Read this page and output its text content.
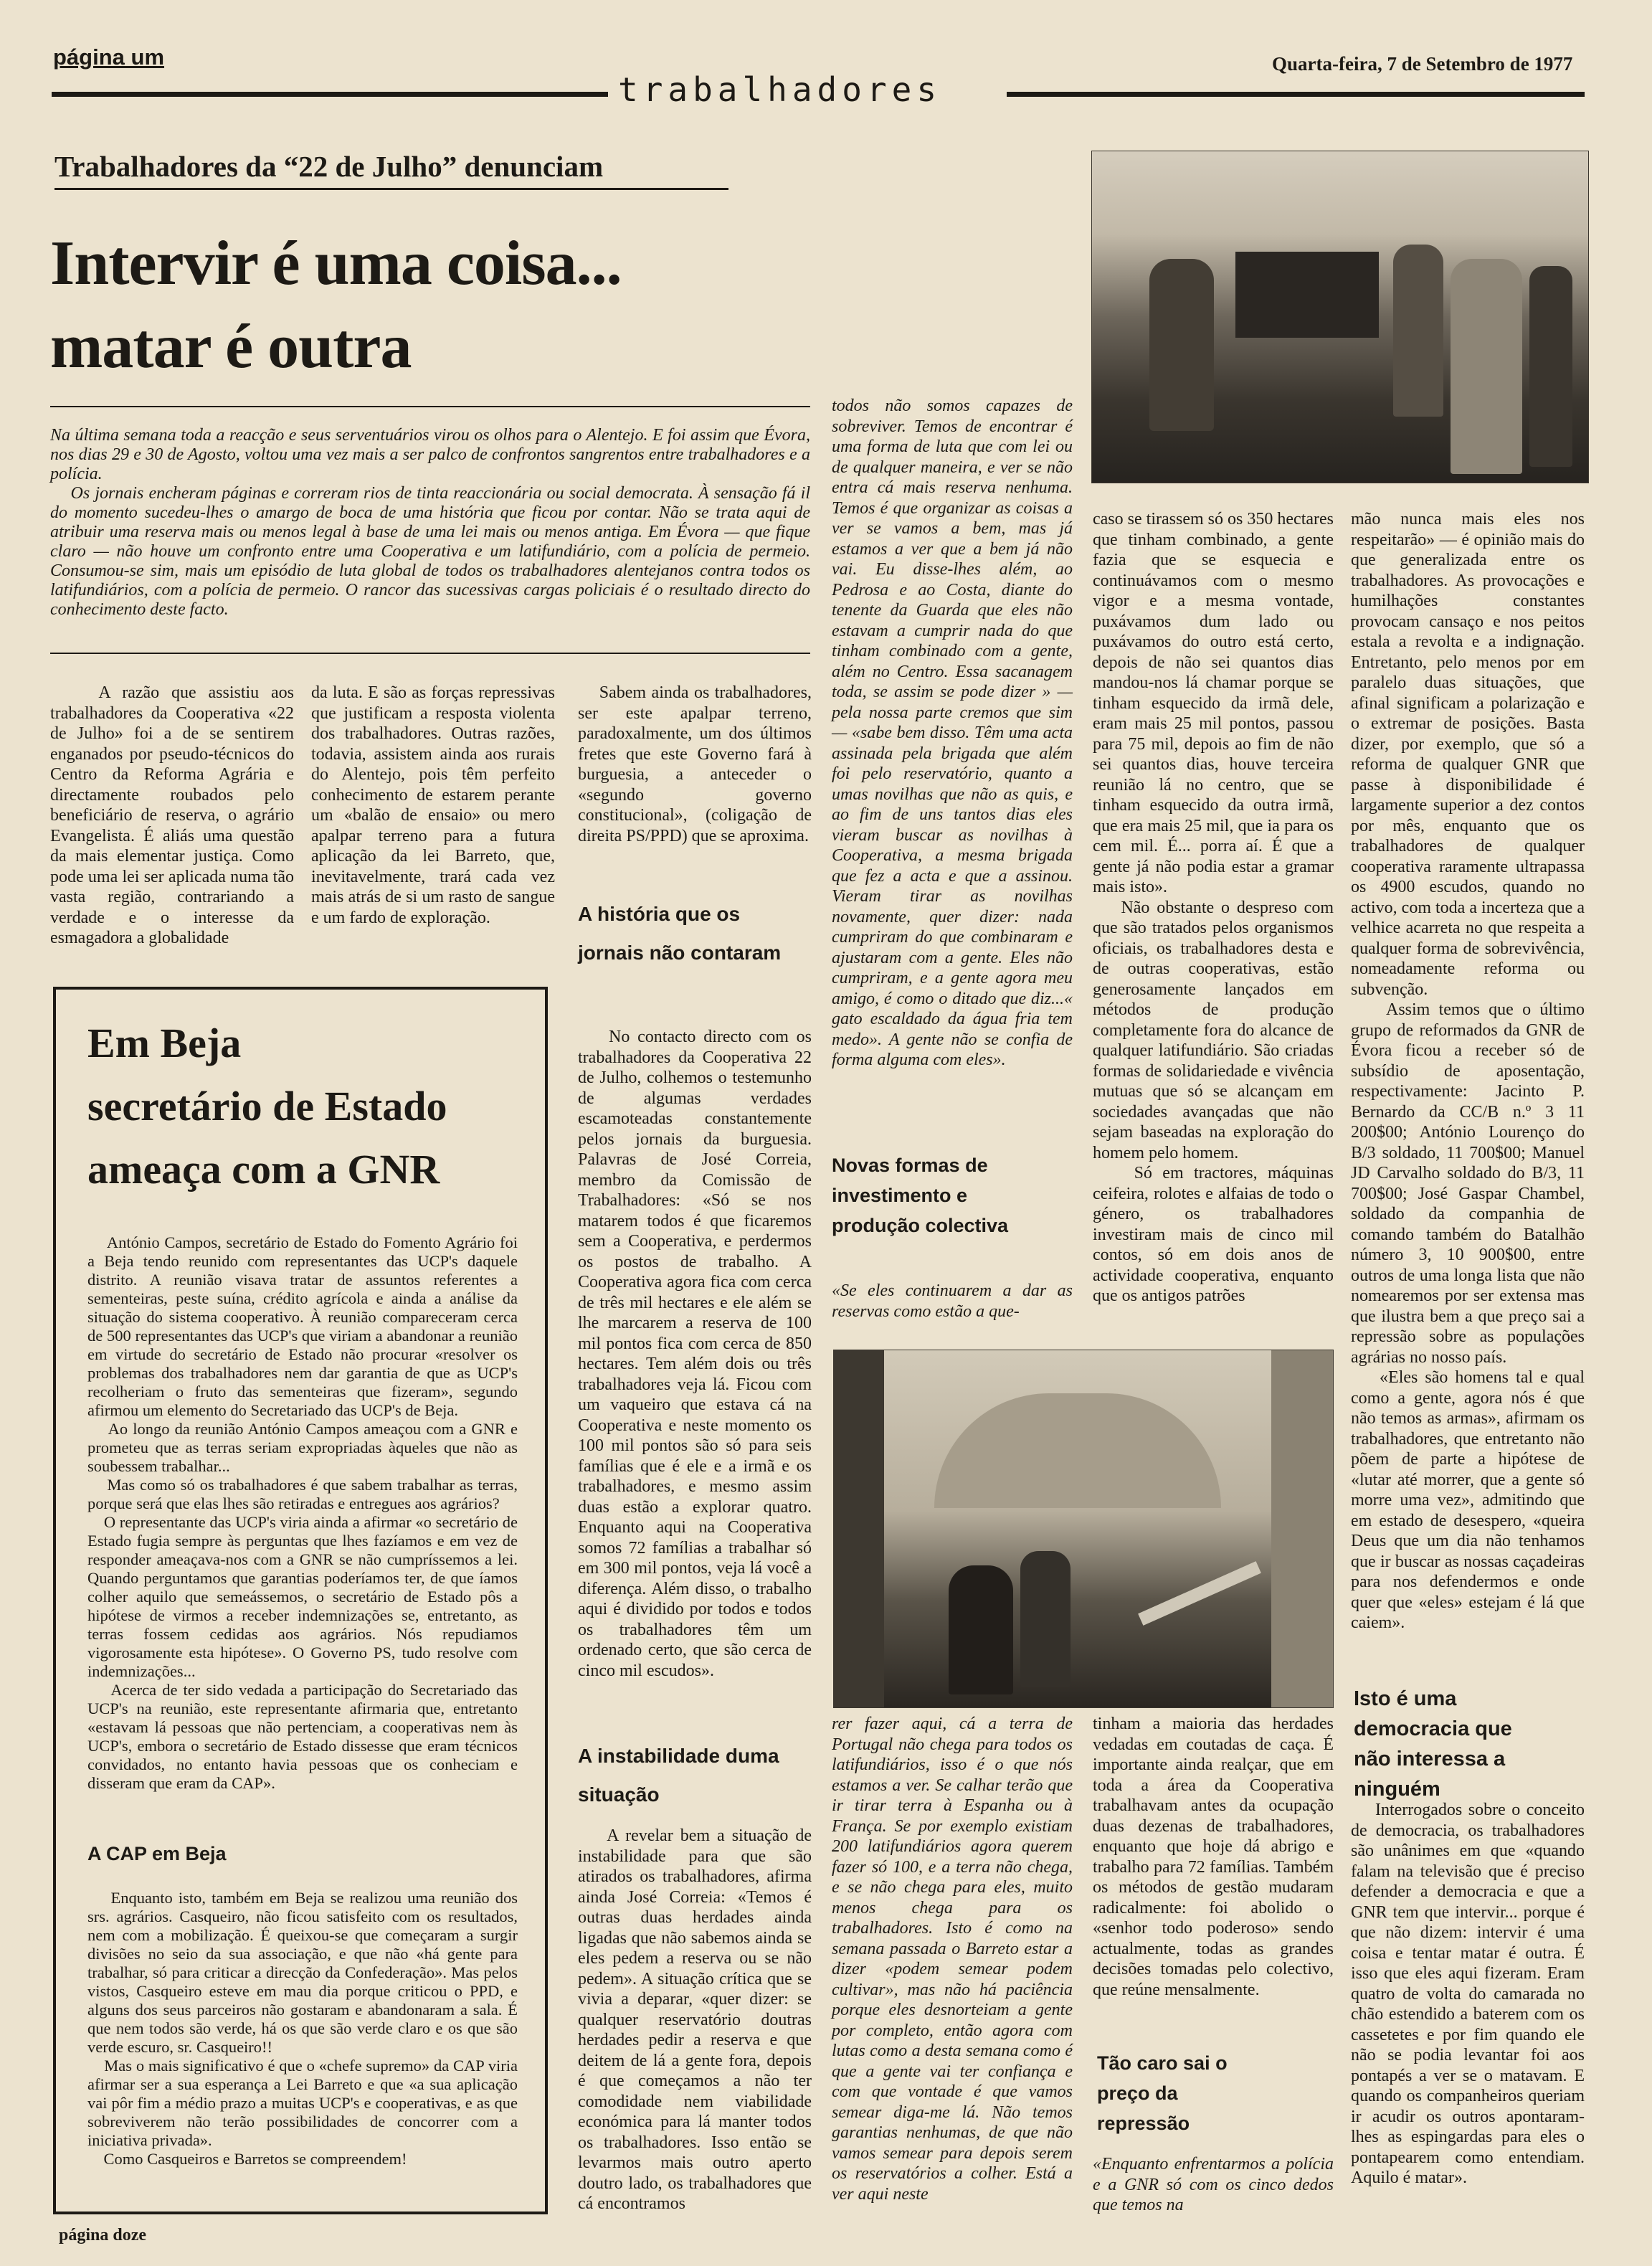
página um	Quarta-feira, 7 de Setembro de 1977
trabalhadores
Trabalhadores da “22 de Julho” denunciam
Intervir é uma coisa...
matar é outra
Na última semana toda a reacção e seus serventuários virou os olhos para o Alentejo. E foi assim que Évora, nos dias 29 e 30 de Agosto, voltou uma vez mais a ser palco de confrontos sangrentos entre trabalhadores e a polícia.
Os jornais encheram páginas e correram rios de tinta reaccionária ou social democrata. À sensação fá il do momento sucedeu-lhes o amargo de boca de uma história que ficou por contar. Não se trata aqui de atribuir uma reserva mais ou menos legal à base de uma lei mais ou menos antiga. Em Évora — que fique claro — não houve um confronto entre uma Cooperativa e um latifundiário, com a polícia de permeio. Consumou-se sim, mais um episódio de luta global de todos os trabalhadores alentejanos contra todos os latifundiários, com a polícia de permeio. O rancor das sucessivas cargas policiais é o resultado directo do conhecimento deste facto.
A razão que assistiu aos trabalhadores da Cooperativa «22 de Julho» foi a de se sentirem enganados por pseudo-técnicos do Centro da Reforma Agrária e directamente roubados pelo beneficiário de reserva, o agrário Evangelista. É aliás uma questão da mais elementar justiça. Como pode uma lei ser aplicada numa tão vasta região, contrariando a verdade e o interesse da esmagadora a globalidade
da luta. E são as forças repressivas que justificam a resposta violenta dos trabalhadores. Outras razões, todavia, assistem ainda aos rurais do Alentejo, pois têm perfeito conhecimento de estarem perante um «balão de ensaio» ou mero apalpar terreno para a futura aplicação da lei Barreto, que, inevitavelmente, trará cada vez mais atrás de si um rasto de sangue e um fardo de exploração.
Sabem ainda os trabalhadores, ser este apalpar terreno, paradoxalmente, um dos últimos fretes que este Governo fará à burguesia, a anteceder o «segundo governo constitucional», (coligação de direita PS/PPD) que se aproxima.
A história que os jornais não contaram
No contacto directo com os trabalhadores da Cooperativa 22 de Julho, colhemos o testemunho de algumas verdades escamoteadas constantemente pelos jornais da burguesia. Palavras de José Correia, membro da Comissão de Trabalhadores: «Só se nos matarem todos é que ficaremos sem a Cooperativa, e perdermos os postos de trabalho. A Cooperativa agora fica com cerca de três mil hectares e ele além se lhe marcarem a reserva de 100 mil pontos fica com cerca de 850 hectares. Tem além dois ou três trabalhadores veja lá. Ficou com um vaqueiro que estava cá na Cooperativa e neste momento os 100 mil pontos são só para seis famílias que é ele e a irmã e os trabalhadores, e mesmo assim duas estão a explorar quatro. Enquanto aqui na Cooperativa somos 72 famílias a trabalhar só em 300 mil pontos, veja lá você a diferença. Além disso, o trabalho aqui é dividido por todos e todos os trabalhadores têm um ordenado certo, que são cerca de cinco mil escudos».
A instabilidade duma situação
A revelar bem a situação de instabilidade para que são atirados os trabalhadores, afirma ainda José Correia: «Temos é outras duas herdades ainda ligadas que não sabemos ainda se eles pedem a reserva ou se não pedem». A situação crítica que se vivia a deparar, «quer dizer: se qualquer reservatório doutras herdades pedir a reserva e que deitem de lá a gente fora, depois é que começamos a não ter comodidade nem viabilidade económica para lá manter todos os trabalhadores. Isso então se levarmos mais outro aperto doutro lado, os trabalhadores que cá encontramos
todos não somos capazes de sobreviver. Temos de encontrar é uma forma de luta que com lei ou de qualquer maneira, e ver se não entra cá mais reserva nenhuma. Temos é que organizar as coisas a ver se vamos a bem, mas já estamos a ver que a bem já não vai. Eu disse-lhes além, ao Pedrosa e ao Costa, diante do tenente da Guarda que eles não estavam a cumprir nada do que tinham combinado com a gente, além no Centro. Essa sacanagem toda, se assim se pode dizer » — pela nossa parte cremos que sim — «sabe bem disso. Têm uma acta assinada pela brigada que além foi pelo reservatório, quanto a umas novilhas que não as quis, e ao fim de uns tantos dias eles vieram buscar as novilhas à Cooperativa, a mesma brigada que fez a acta e que a assinou. Vieram tirar as novilhas novamente, quer dizer: nada cumpriram do que combinaram e ajustaram com a gente. Eles não cumpriram, e a gente agora meu amigo, é como o ditado que diz...« gato escaldado da água fria tem medo». A gente não se confia de forma alguma com eles».
Novas formas de investimento e produção colectiva
«Se eles continuarem a dar as reservas como estão a que-
rer fazer aqui, cá a terra de Portugal não chega para todos os latifundiários, isso é o que nós estamos a ver. Se calhar terão que ir tirar terra à Espanha ou à França. Se por exemplo existiam 200 latifundiários agora querem fazer só 100, e a terra não chega, e se não chega para eles, muito menos chega para os trabalhadores. Isto é como na semana passada o Barreto estar a dizer «podem semear podem cultivar», mas não há paciência porque eles desnorteiam a gente por completo, então agora com lutas como a desta semana como é que a gente vai ter confiança e com que vontade é que vamos semear diga-me lá. Não temos garantias nenhumas, de que não vamos semear para depois serem os reservatórios a colher. Está a ver aqui neste
caso se tirassem só os 350 hectares que tinham combinado, a gente fazia que se esquecia e continuávamos com o mesmo vigor e a mesma vontade, puxávamos dum lado ou puxávamos do outro está certo, depois de não sei quantos dias mandou-nos lá chamar porque se tinham esquecido da irmã dele, eram mais 25 mil pontos, passou para 75 mil, depois ao fim de não sei quantos dias, houve terceira reunião lá no centro, que se tinham esquecido da outra irmã, que era mais 25 mil, que ia para os cem mil. É... porra aí. É que a gente já não podia estar a gramar mais isto».
Não obstante o despreso com que são tratados pelos organismos oficiais, os trabalhadores desta e de outras cooperativas, estão generosamente lançados em métodos de produção completamente fora do alcance de qualquer latifundiário. São criadas formas de solidariedade e vivência mutuas que só se alcançam em sociedades avançadas que não sejam baseadas na exploração do homem pelo homem.
Só em tractores, máquinas ceifeira, rolotes e alfaias de todo o género, os trabalhadores investiram mais de cinco mil contos, só em dois anos de actividade cooperativa, enquanto que os antigos patrões
tinham a maioria das herdades vedadas em coutadas de caça. É importante ainda realçar, que em toda a área da Cooperativa trabalhavam antes da ocupação duas dezenas de trabalhadores, enquanto que hoje dá abrigo e trabalho para 72 famílias. Também os métodos de gestão mudaram radicalmente: foi abolido o «senhor todo poderoso» sendo actualmente, todas as grandes decisões tomadas pelo colectivo, que reúne mensalmente.
Tão caro sai o preço da repressão
«Enquanto enfrentarmos a polícia e a GNR só com os cinco dedos que temos na
mão nunca mais eles nos respeitarão» — é opinião mais do que generalizada entre os trabalhadores. As provocações e humilhações constantes provocam cansaço e nos peitos estala a revolta e a indignação. Entretanto, pelo menos por em paralelo duas situações, que afinal significam a polarização e o extremar de posições. Basta dizer, por exemplo, que só a reforma de qualquer GNR que passe à disponibilidade é largamente superior a dez contos por mês, enquanto que os trabalhadores de qualquer cooperativa raramente ultrapassa os 4900 escudos, quando no activo, com toda a incerteza que a velhice acarreta no que respeita a qualquer forma de sobrevivência, nomeadamente reforma ou subvenção.
Assim temos que o último grupo de reformados da GNR de Évora ficou a receber só de subsídio de aposentação, respectivamente: Jacinto P. Bernardo da CC/B n.º 3 11 200$00; António Lourenço do B/3 soldado, 11 700$00; Manuel JD Carvalho soldado do B/3, 11 700$00; José Gaspar Chambel, soldado da companhia de comando também do Batalhão número 3, 10 900$00, entre outros de uma longa lista que não nomearemos por ser extensa mas que ilustra bem a que preço sai a repressão sobre as populações agrárias no nosso país.
«Eles são homens tal e qual como a gente, agora nós é que não temos as armas», afirmam os trabalhadores, que entretanto não põem de parte a hipótese de «lutar até morrer, que a gente só morre uma vez», admitindo que em estado de desespero, «queira Deus que um dia não tenhamos que ir buscar as nossas caçadeiras para nos defendermos e onde quer que «eles» estejam é lá que caiem».
Isto é uma democracia que não interessa a ninguém
Interrogados sobre o conceito de democracia, os trabalhadores são unânimes em que «quando falam na televisão que é preciso defender a democracia e que a GNR tem que intervir... porque é que não dizem: intervir é uma coisa e tentar matar é outra. É isso que eles aqui fizeram. Eram quatro de volta do camarada no chão estendido a baterem com os cassetetes e por fim quando ele não se podia levantar foi aos pontapés a ver se o matavam. E quando os companheiros queriam ir acudir os outros apontaram-lhes as espingardas para eles o pontapearem como entendiam. Aquilo é matar».
Em Beja
secretário de Estado
ameaça com a GNR
António Campos, secretário de Estado do Fomento Agrário foi a Beja tendo reunido com representantes das UCP's daquele distrito. A reunião visava tratar de assuntos referentes a sementeiras, peste suína, crédito agrícola e ainda a análise da situação do sistema cooperativo. À reunião compareceram cerca de 500 representantes das UCP's que viriam a abandonar a reunião em virtude do secretário de Estado não procurar «resolver os problemas dos trabalhadores nem dar garantia de que as UCP's recolheriam o fruto das sementeiras que fizeram», segundo afirmou um elemento do Secretariado das UCP's de Beja.
Ao longo da reunião António Campos ameaçou com a GNR e prometeu que as terras seriam expropriadas àqueles que não as soubessem trabalhar...
Mas como só os trabalhadores é que sabem trabalhar as terras, porque será que elas lhes são retiradas e entregues aos agrários?
O representante das UCP's viria ainda a afirmar «o secretário de Estado fugia sempre às perguntas que lhes fazíamos e em vez de responder ameaçava-nos com a GNR se não cumpríssemos a lei. Quando perguntamos que garantias poderíamos ter, de que íamos colher aquilo que semeássemos, o secretário de Estado pôs a hipótese de virmos a receber indemnizações se, entretanto, as terras fossem cedidas aos agrários. Nós repudiamos vigorosamente esta hipótese». O Governo PS, tudo resolve com indemnizações...
Acerca de ter sido vedada a participação do Secretariado das UCP's na reunião, este representante afirmaria que, entretanto «estavam lá pessoas que não pertenciam, a cooperativas nem às UCP's, embora o secretário de Estado dissesse que eram técnicos convidados, no entanto havia pessoas que os conheciam e disseram que eram da CAP».
A CAP em Beja
Enquanto isto, também em Beja se realizou uma reunião dos srs. agrários. Casqueiro, não ficou satisfeito com os resultados, nem com a mobilização. É queixou-se que começaram a surgir divisões no seio da sua associação, e que não «há gente para trabalhar, só para criticar a direcção da Confederação». Mas pelos vistos, Casqueiro esteve em mau dia porque criticou o PPD, e alguns dos seus parceiros não gostaram e abandonaram a sala. É que nem todos são verde, há os que são verde claro e os que são verde escuro, sr. Casqueiro!!
Mas o mais significativo é que o «chefe supremo» da CAP viria afirmar ser a sua esperança a Lei Barreto e que «a sua aplicação vai pôr fim a médio prazo a muitas UCP's e cooperativas, e as que sobreviverem não terão possibilidades de concorrer com a iniciativa privada».
Como Casqueiros e Barretos se compreendem!
página doze
